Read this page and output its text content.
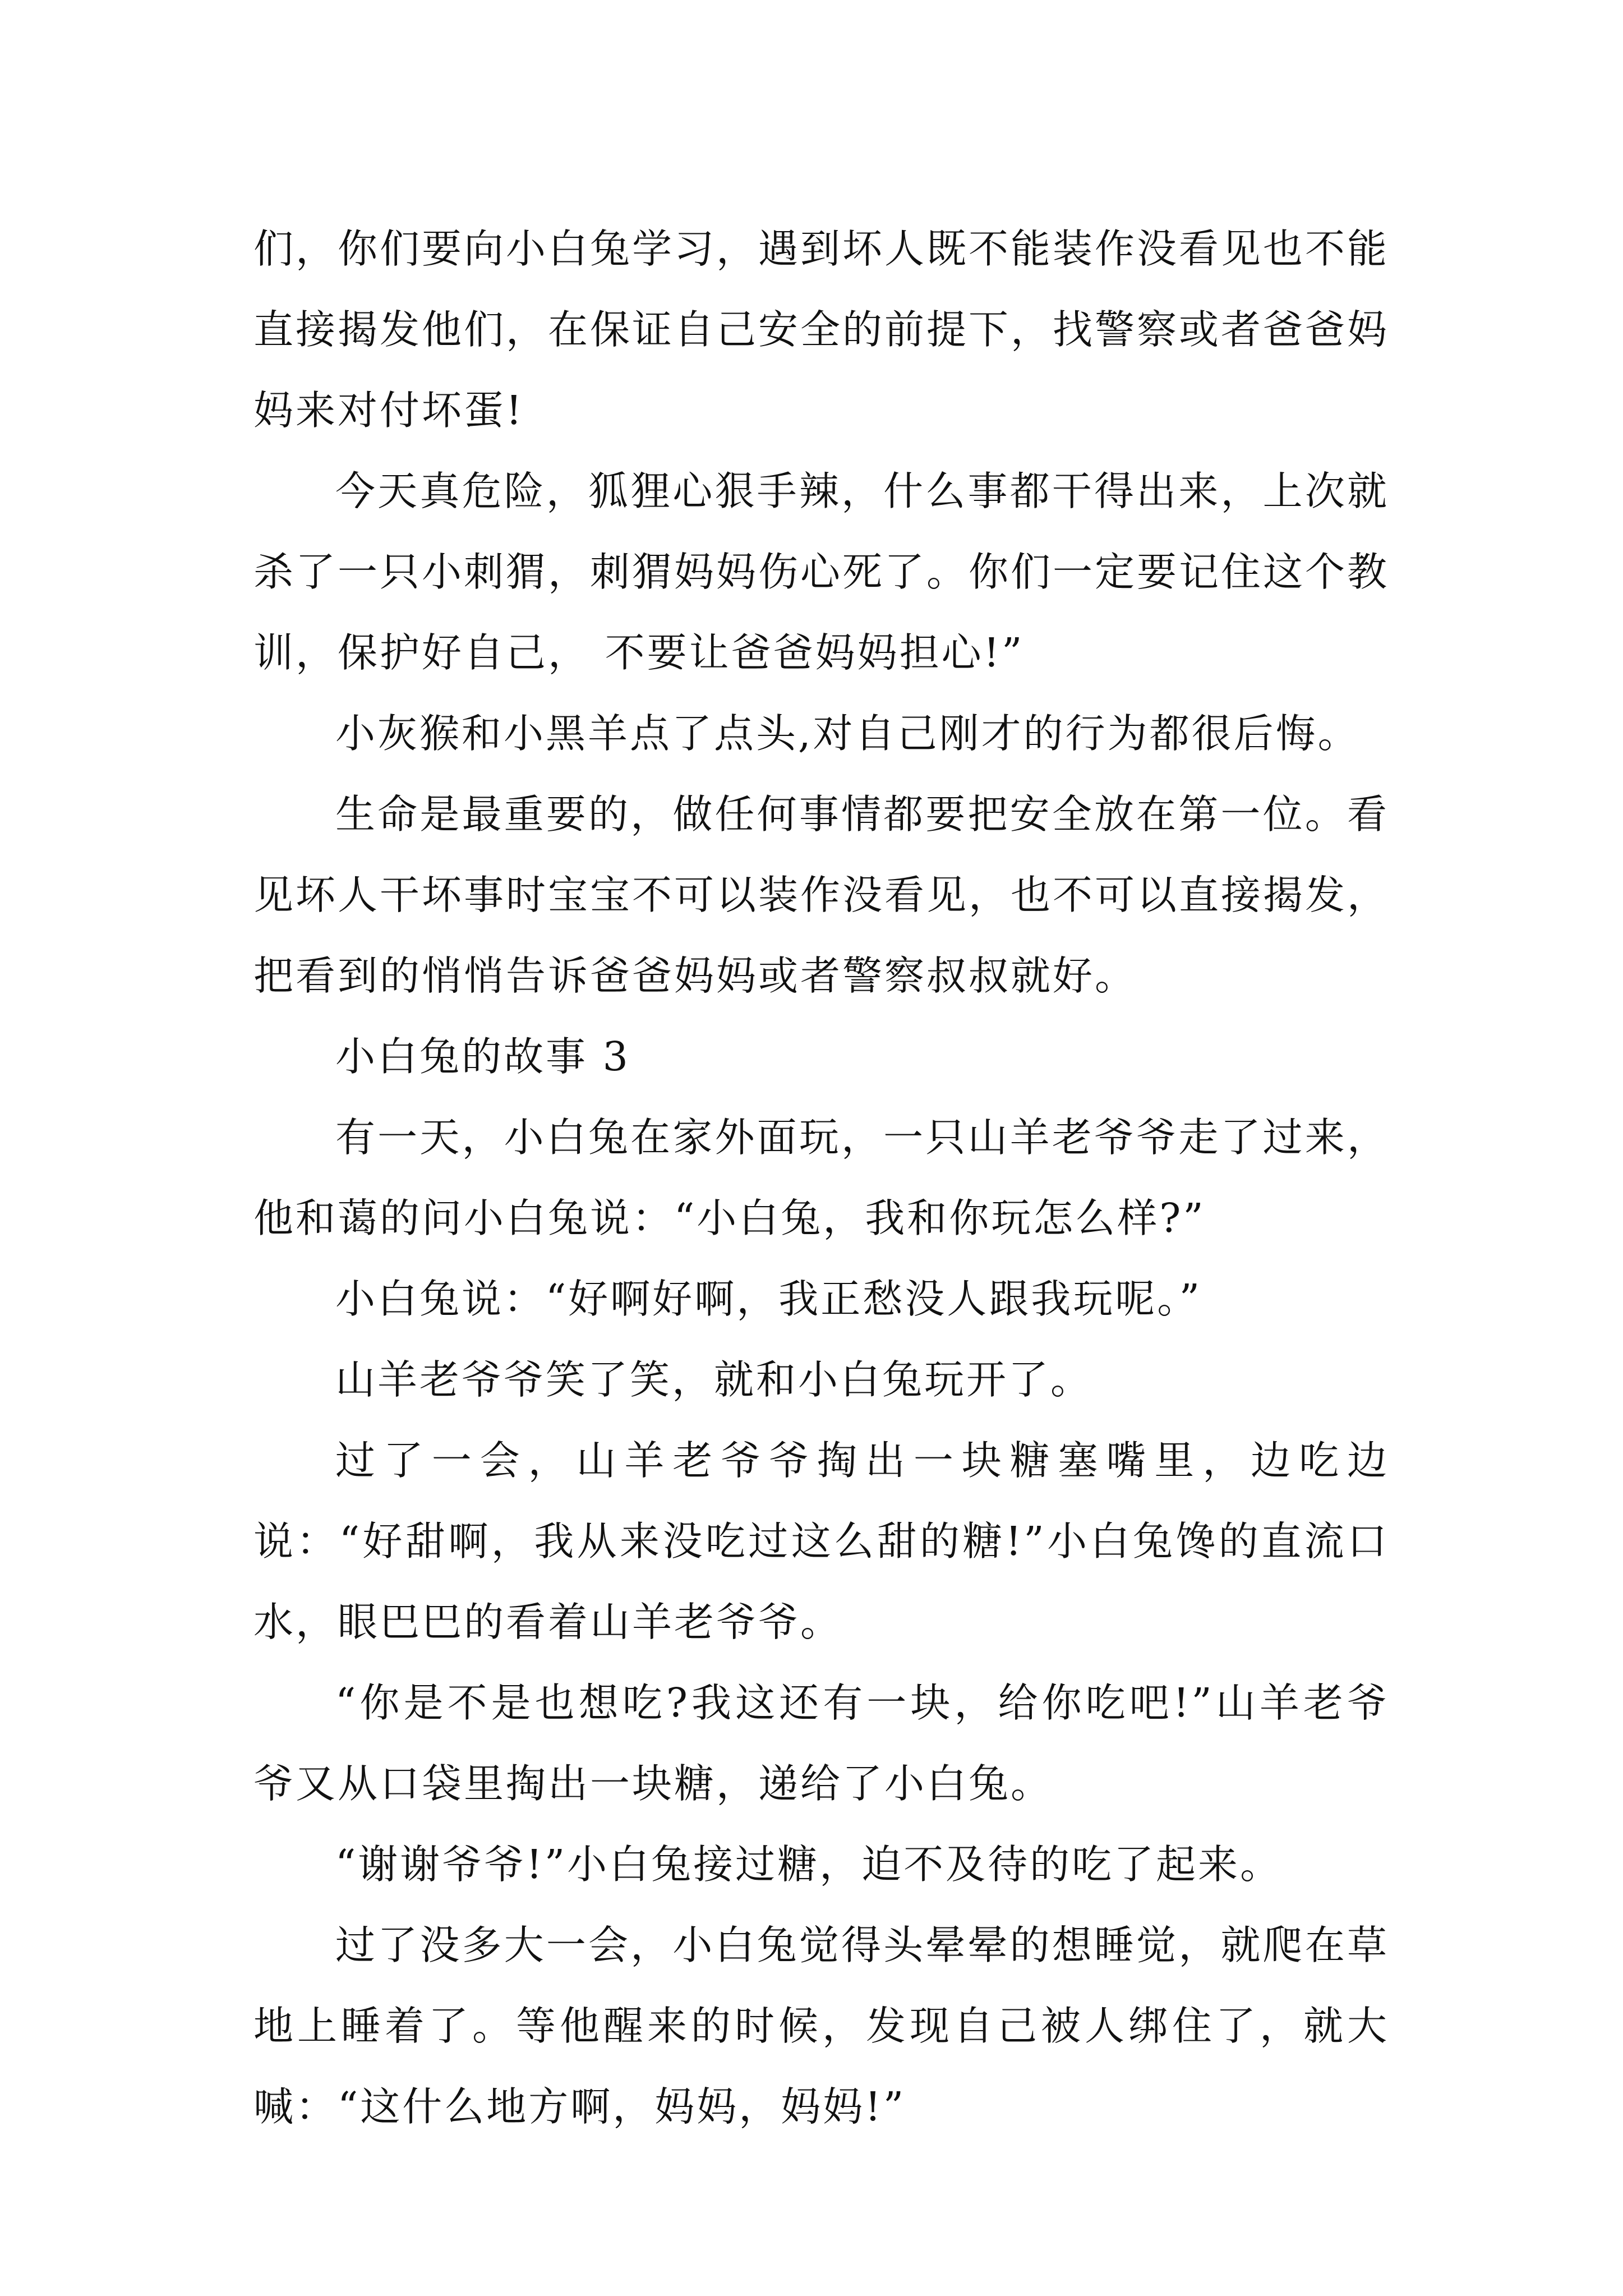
们，你们要向小白兔学习，遇到坏人既不能装作没看见也不能直接揭发他们，在保证自己安全的前提下，找警察或者爸爸妈妈来对付坏蛋!

今天真危险，狐狸心狠手辣，什么事都干得出来，上次就杀了一只小刺猬，刺猬妈妈伤心死了。你们一定要记住这个教训，保护好自己， 不要让爸爸妈妈担心!”

小灰猴和小黑羊点了点头,对自己刚才的行为都很后悔。

生命是最重要的，做任何事情都要把安全放在第一位。看见坏人干坏事时宝宝不可以装作没看见，也不可以直接揭发，把看到的悄悄告诉爸爸妈妈或者警察叔叔就好。

小白兔的故事 3

有一天，小白兔在家外面玩，一只山羊老爷爷走了过来，他和蔼的问小白兔说：“小白兔，我和你玩怎么样?”

小白兔说：“好啊好啊，我正愁没人跟我玩呢。”

山羊老爷爷笑了笑，就和小白兔玩开了。

过了一会，山羊老爷爷掏出一块糖塞嘴里，边吃边说：“好甜啊，我从来没吃过这么甜的糖!”小白兔馋的直流口水，眼巴巴的看着山羊老爷爷。

“你是不是也想吃?我这还有一块，给你吃吧!”山羊老爷爷又从口袋里掏出一块糖，递给了小白兔。

“谢谢爷爷!”小白兔接过糖，迫不及待的吃了起来。

过了没多大一会，小白兔觉得头晕晕的想睡觉，就爬在草地上睡着了。等他醒来的时候，发现自己被人绑住了，就大喊：“这什么地方啊，妈妈，妈妈!”
